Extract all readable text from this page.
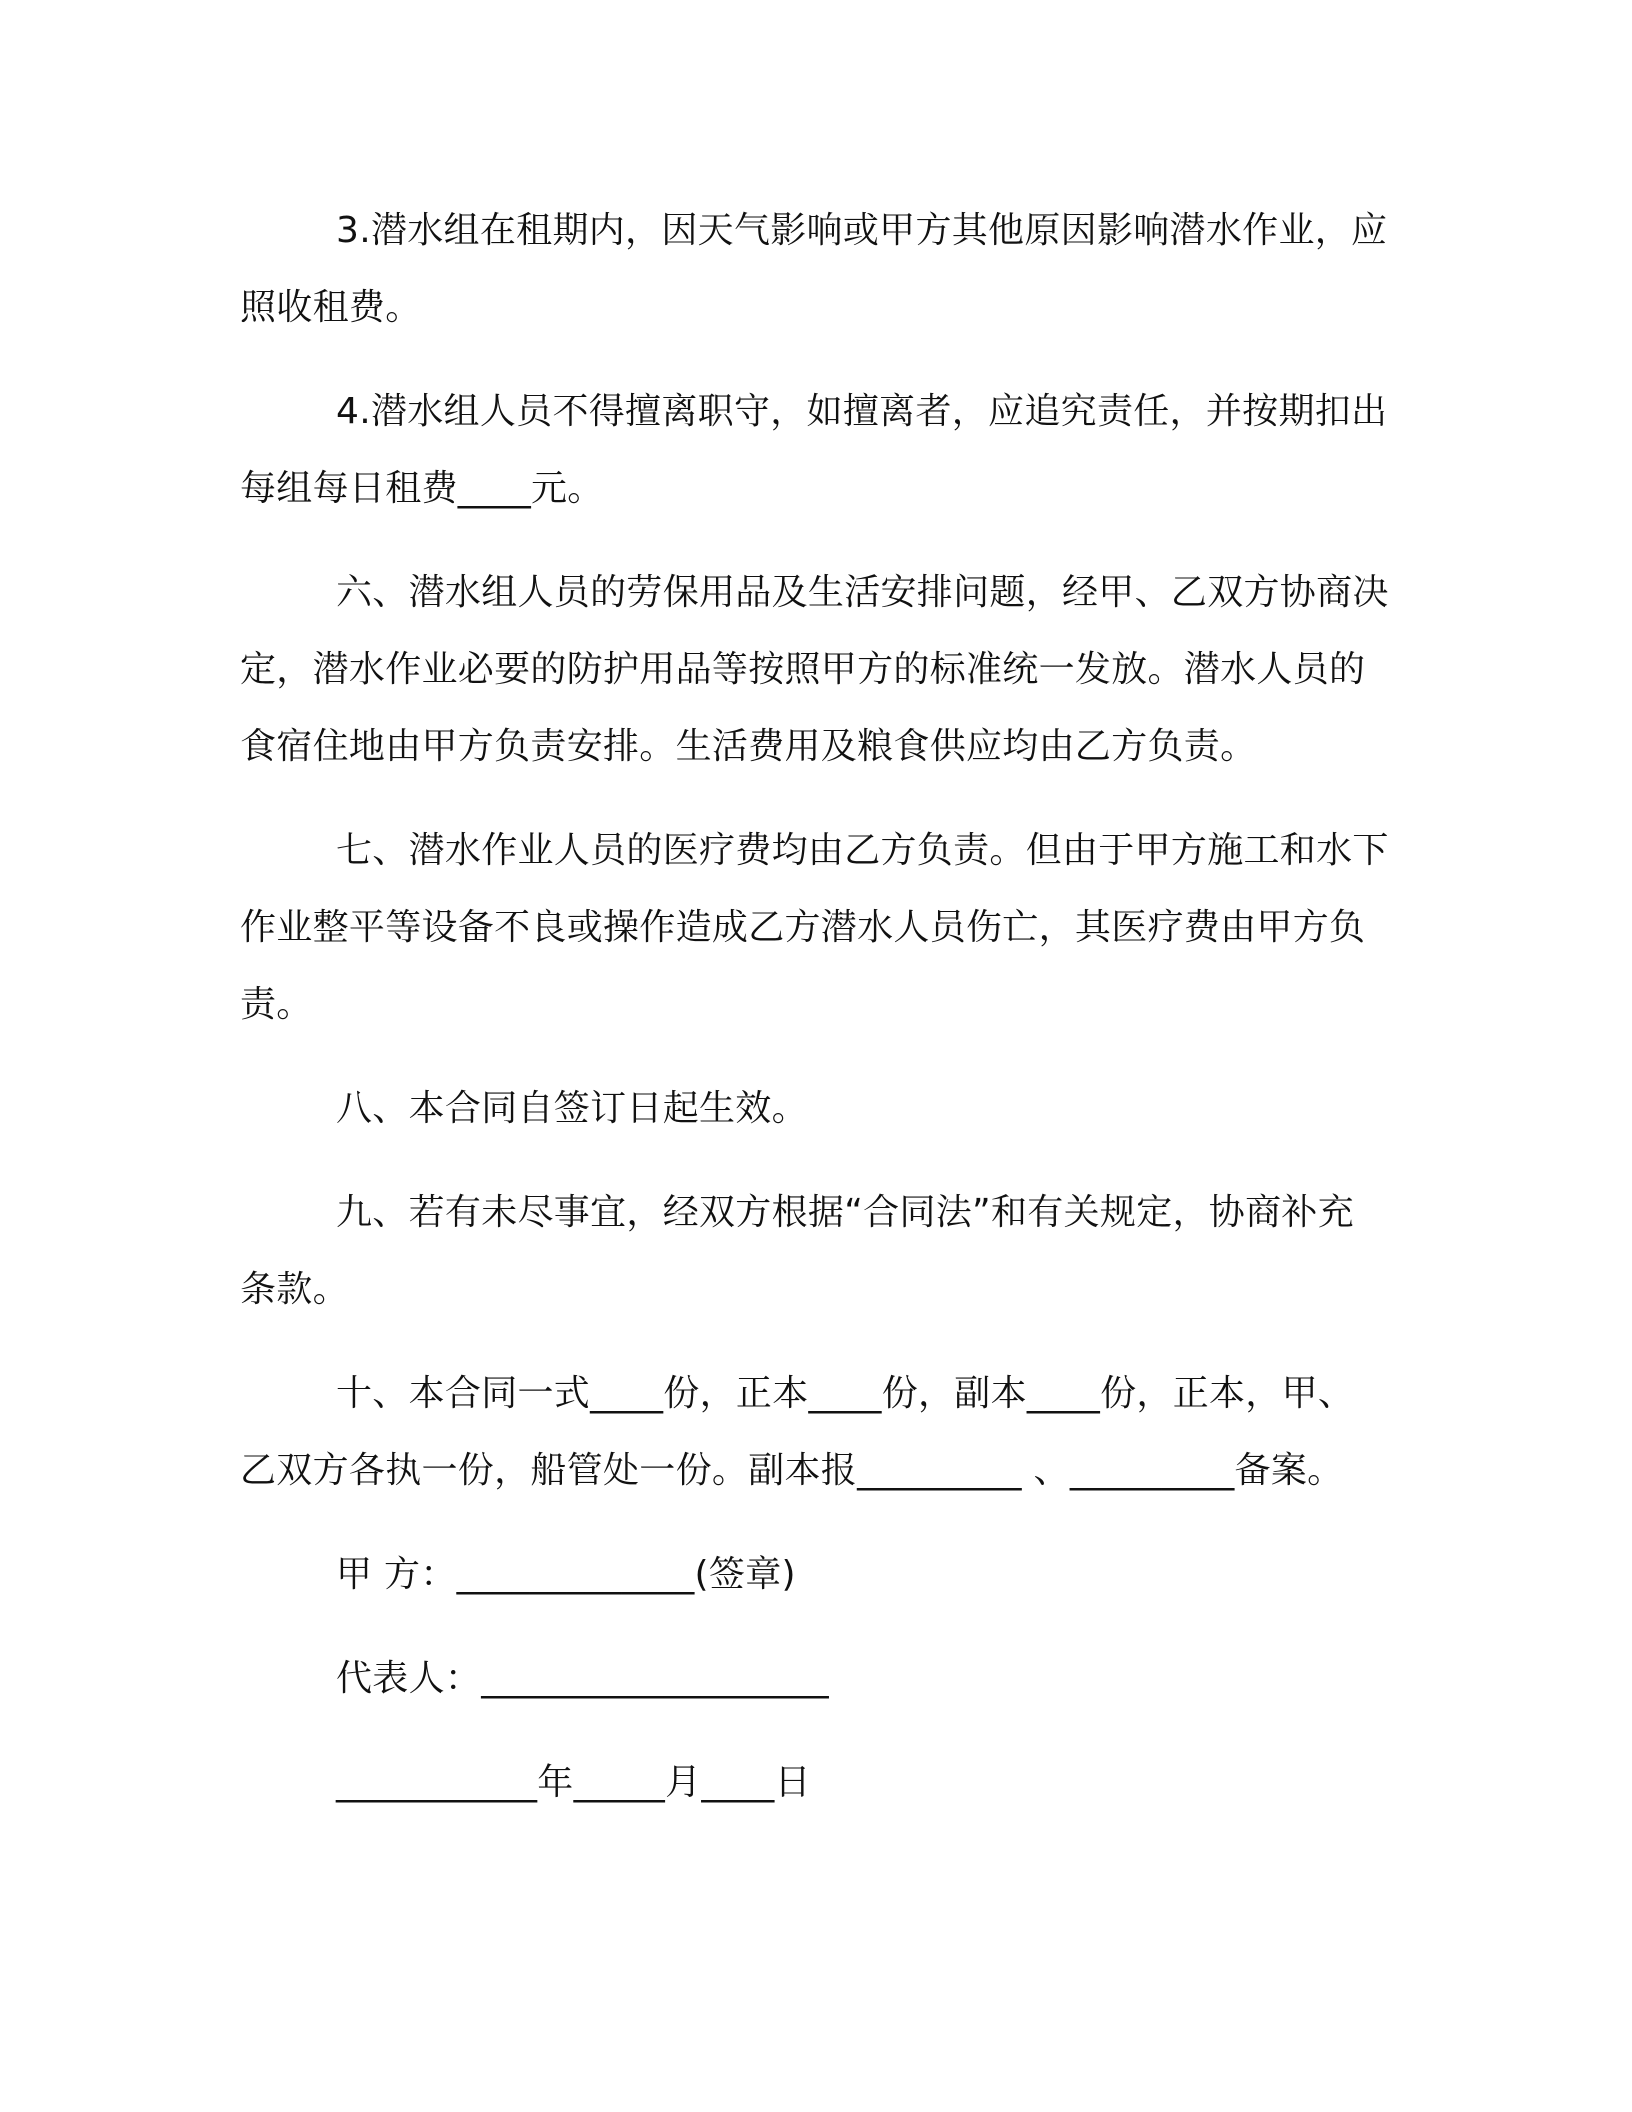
3.潜水组在租期内，因天气影响或甲方其他原因影响潜水作业，应照收租费。

4.潜水组人员不得擅离职守，如擅离者，应追究责任，并按期扣出每组每日租费____元。

六、潜水组人员的劳保用品及生活安排问题，经甲、乙双方协商决定，潜水作业必要的防护用品等按照甲方的标准统一发放。潜水人员的食宿住地由甲方负责安排。生活费用及粮食供应均由乙方负责。

七、潜水作业人员的医疗费均由乙方负责。但由于甲方施工和水下作业整平等设备不良或操作造成乙方潜水人员伤亡，其医疗费由甲方负责。

八、本合同自签订日起生效。

九、若有未尽事宜，经双方根据“合同法”和有关规定，协商补充条款。

十、本合同一式____份，正本____份，副本____份，正本，甲、乙双方各执一份，船管处一份。副本报_________ 、_________备案。

甲 方：_____________(签章)

代表人：___________________

___________年_____月____日
